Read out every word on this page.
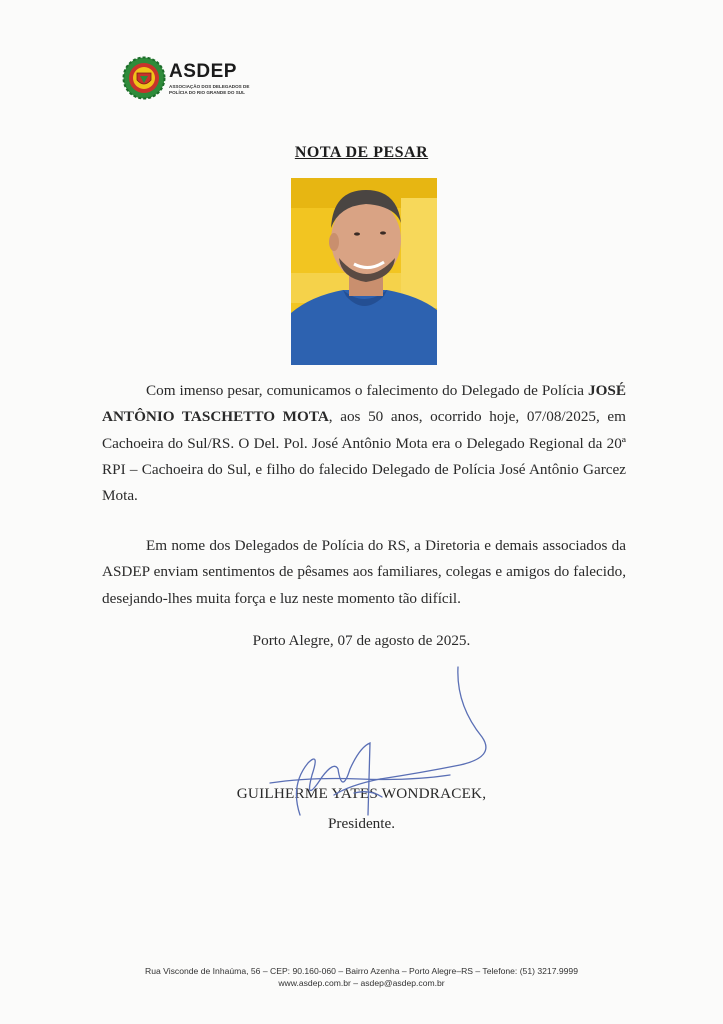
ASDEP
ASSOCIAÇÃO DOS DELEGADOS DE
POLÍCIA DO RIO GRANDE DO SUL
NOTA DE PESAR
Com imenso pesar, comunicamos o falecimento do Delegado de Polícia JOSÉ ANTÔNIO TASCHETTO MOTA, aos 50 anos, ocorrido hoje, 07/08/2025, em Cachoeira do Sul/RS. O Del. Pol. José Antônio Mota era o Delegado Regional da 20ª RPI – Cachoeira do Sul, e filho do falecido Delegado de Polícia José Antônio Garcez Mota.
Em nome dos Delegados de Polícia do RS, a Diretoria e demais associados da ASDEP enviam sentimentos de pêsames aos familiares, colegas e amigos do falecido, desejando-lhes muita força e luz neste momento tão difícil.
Porto Alegre, 07 de agosto de 2025.
GUILHERME YATES WONDRACEK,
Presidente.
Rua Visconde de Inhaúma, 56 – CEP: 90.160-060 – Bairro Azenha – Porto Alegre–RS – Telefone: (51) 3217.9999
www.asdep.com.br – asdep@asdep.com.br
